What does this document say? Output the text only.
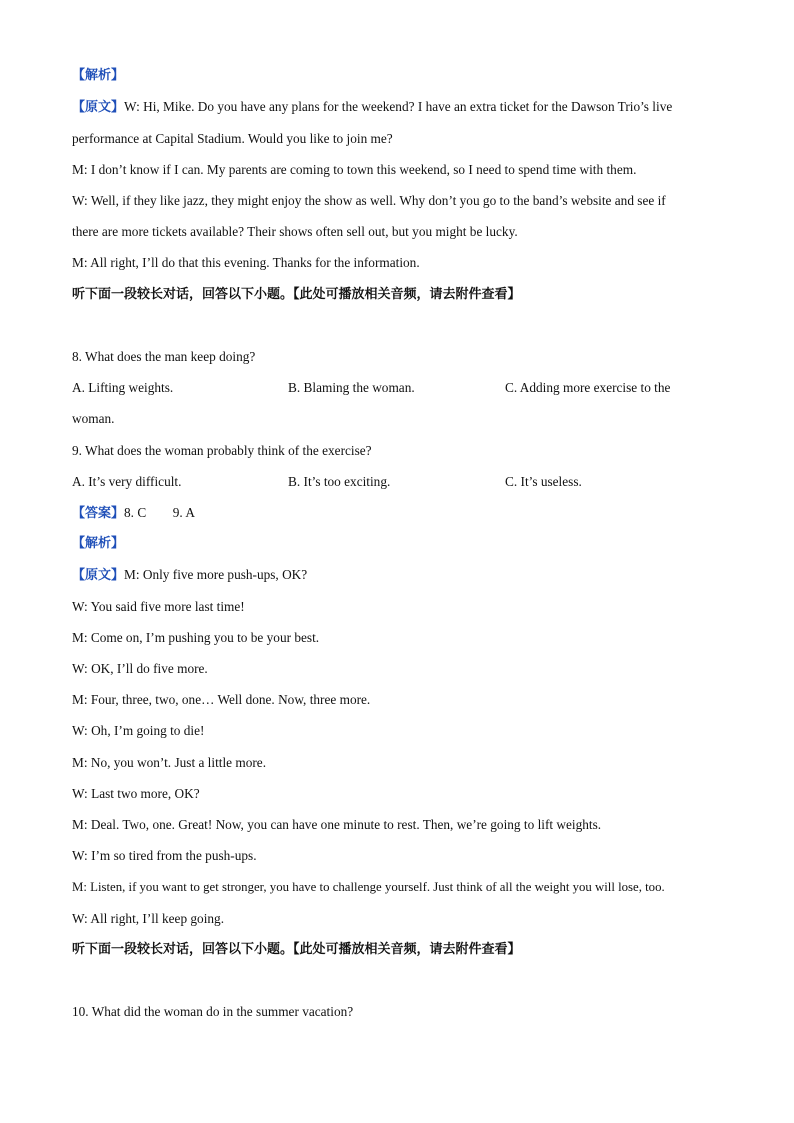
【解析】
【原文】W: Hi, Mike. Do you have any plans for the weekend? I have an extra ticket for the Dawson Trio’s live
performance at Capital Stadium. Would you like to join me?
M: I don’t know if I can. My parents are coming to town this weekend, so I need to spend time with them.
W: Well, if they like jazz, they might enjoy the show as well. Why don’t you go to the band’s website and see if
there are more tickets available? Their shows often sell out, but you might be lucky.
M: All right, I’ll do that this evening. Thanks for the information.
听下面一段较长对话，回答以下小题。【此处可播放相关音频，请去附件查看】
8. What does the man keep doing?
A. Lifting weights.	B. Blaming the woman.	C. Adding more exercise to the
woman.
9. What does the woman probably think of the exercise?
A. It’s very difficult.	B. It’s too exciting.	C. It’s useless.
【答案】8. C        9. A
【解析】
【原文】M: Only five more push-ups, OK?
W: You said five more last time!
M: Come on, I’m pushing you to be your best.
W: OK, I’ll do five more.
M: Four, three, two, one… Well done. Now, three more.
W: Oh, I’m going to die!
M: No, you won’t. Just a little more.
W: Last two more, OK?
M: Deal. Two, one. Great! Now, you can have one minute to rest. Then, we’re going to lift weights.
W: I’m so tired from the push-ups.
M: Listen, if you want to get stronger, you have to challenge yourself. Just think of all the weight you will lose, too.
W: All right, I’ll keep going.
听下面一段较长对话，回答以下小题。【此处可播放相关音频，请去附件查看】
10. What did the woman do in the summer vacation?
